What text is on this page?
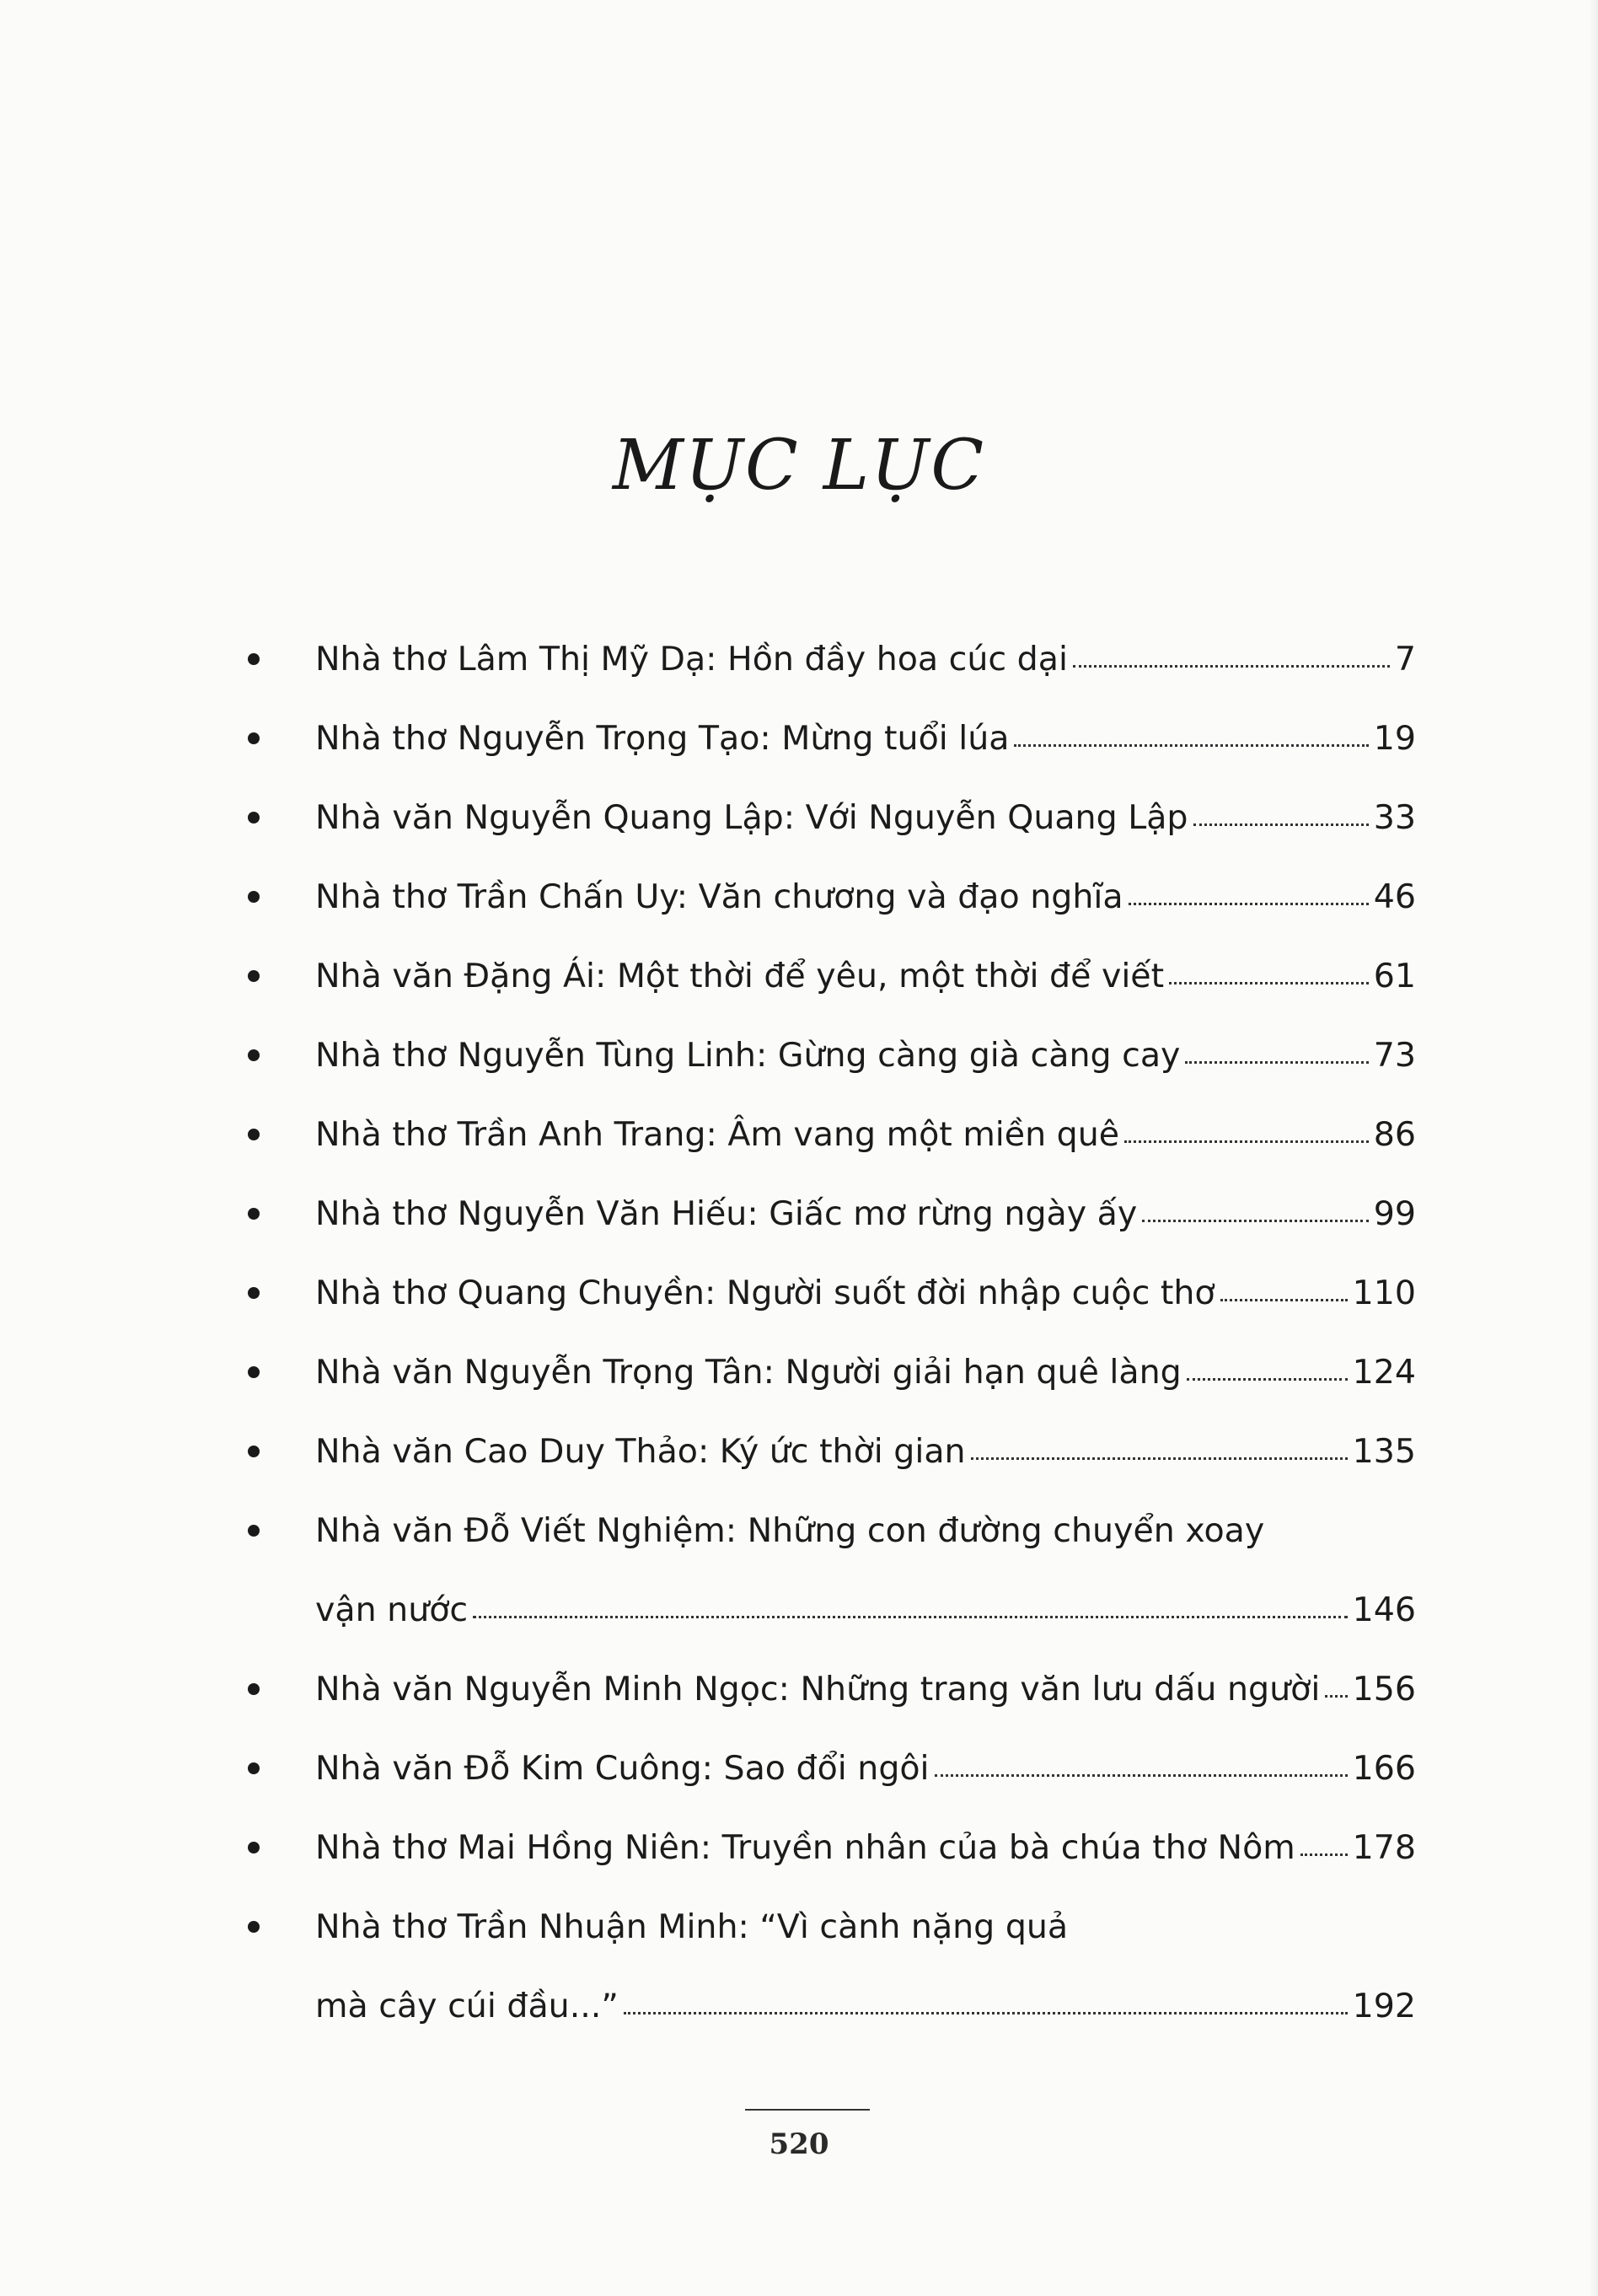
MỤC LỤC
Nhà thơ Lâm Thị Mỹ Dạ: Hồn đầy hoa cúc dại	7
Nhà thơ Nguyễn Trọng Tạo: Mừng tuổi lúa	19
Nhà văn Nguyễn Quang Lập: Với Nguyễn Quang Lập	33
Nhà thơ Trần Chấn Uy: Văn chương và đạo nghĩa	46
Nhà văn Đặng Ái: Một thời để yêu, một thời để viết	61
Nhà thơ Nguyễn Tùng Linh: Gừng càng già càng cay	73
Nhà thơ Trần Anh Trang: Âm vang một miền quê	86
Nhà thơ Nguyễn Văn Hiếu: Giấc mơ rừng ngày ấy	99
Nhà thơ Quang Chuyền: Người suốt đời nhập cuộc thơ	110
Nhà văn Nguyễn Trọng Tân: Người giải hạn quê làng	124
Nhà văn Cao Duy Thảo: Ký ức thời gian	135
Nhà văn Đỗ Viết Nghiệm: Những con đường chuyển xoay
vận nước	146
Nhà văn Nguyễn Minh Ngọc: Những trang văn lưu dấu người 156
Nhà văn Đỗ Kim Cuông: Sao đổi ngôi	166
Nhà thơ Mai Hồng Niên: Truyền nhân của bà chúa thơ Nôm 178
Nhà thơ Trần Nhuận Minh: “Vì cành nặng quả
mà cây cúi đầu...”	192
520
